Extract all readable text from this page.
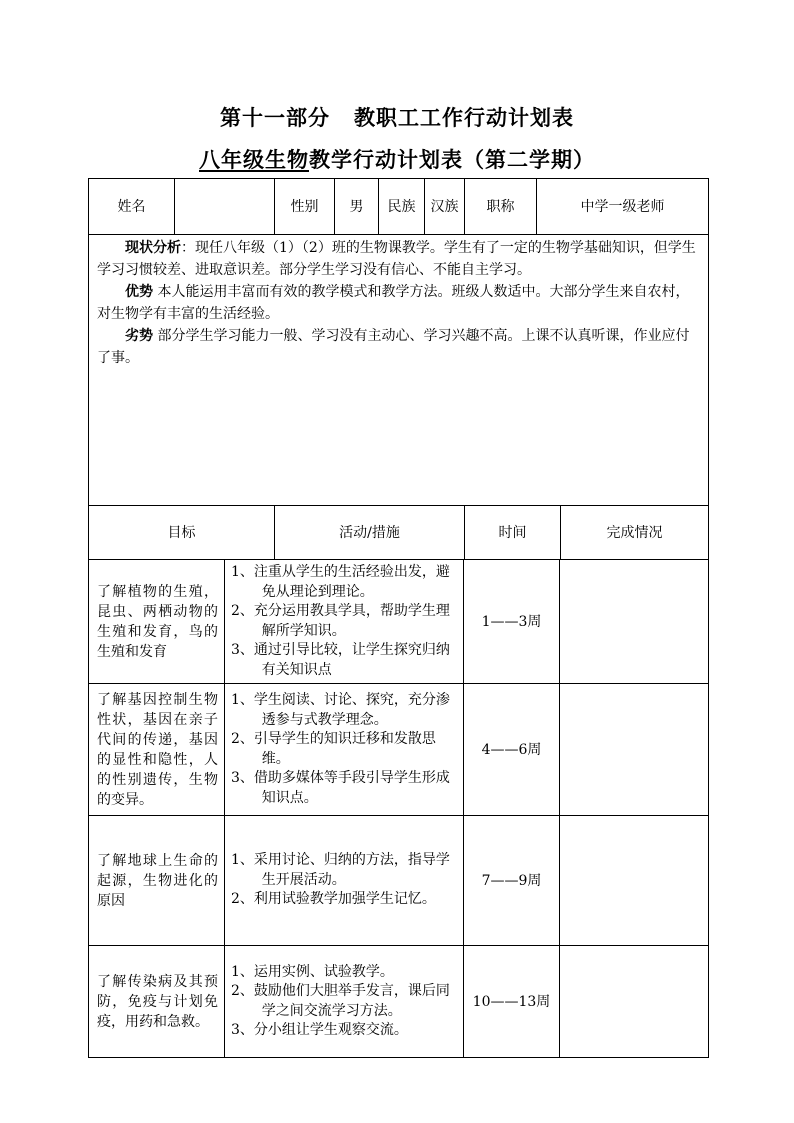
第十一部分 教职工工作行动计划表
八年级生物教学行动计划表（第二学期）
姓名		性别	男	民族	汉族	职称	中学一级老师	

现状分析：现任八年级（1）（2）班的生物课教学。学生有了一定的生物学基础知识，但学生学习习惯较差、进取意识差。部分学生学习没有信心、不能自主学习。

优势 本人能运用丰富而有效的教学模式和教学方法。班级人数适中。大部分学生来自农村，对生物学有丰富的生活经验。

劣势 部分学生学习能力一般、学习没有主动心、学习兴趣不高。上课不认真听课，作业应付了事。								

目标		活动/措施				时间		完成情况
了解植物的生殖，昆虫、两栖动物的生殖和发育，鸟的生殖和发育	1、注重从学生的生活经验出发，避免从理论到理论。
2、充分运用教具学具，帮助学生理解所学知识。
3、通过引导比较，让学生探究归纳有关知识点	1——3周	
了解基因控制生物性状，基因在亲子代间的传递，基因的显性和隐性，人的性别遗传，生物的变异。	1、学生阅读、讨论、探究，充分渗透参与式教学理念。
2、引导学生的知识迁移和发散思维。
3、借助多媒体等手段引导学生形成知识点。	4——6周	
了解地球上生命的起源，生物进化的原因	1、采用讨论、归纳的方法，指导学生开展活动。
2、利用试验教学加强学生记忆。	7——9周	
了解传染病及其预防，免疫与计划免疫，用药和急救。	1、运用实例、试验教学。
2、鼓励他们大胆举手发言，课后同学之间交流学习方法。
3、分小组让学生观察交流。	10——13周	
